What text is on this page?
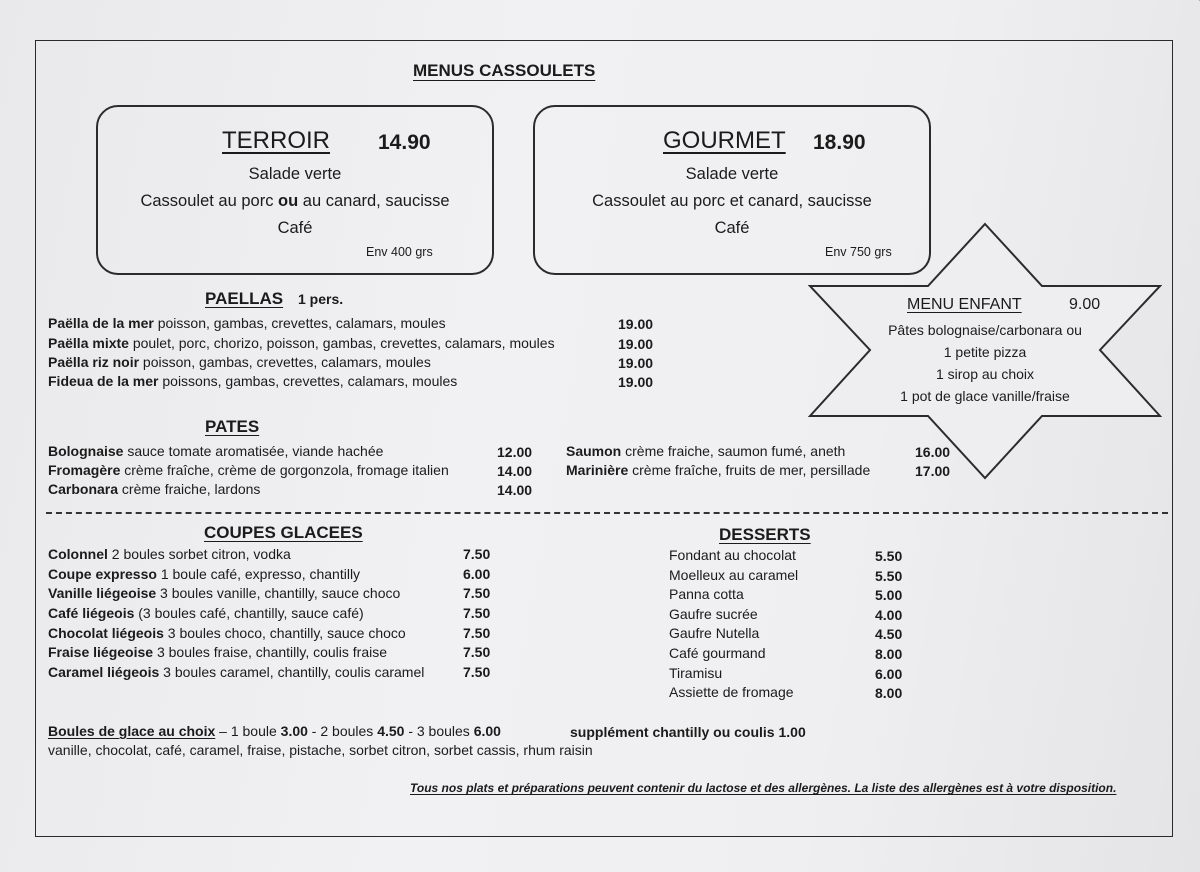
MENUS CASSOULETS
TERROIR 14.90
Salade verte
Cassoulet au porc ou au canard, saucisse
Café
Env 400 grs
GOURMET 18.90
Salade verte
Cassoulet au porc et canard, saucisse
Café
Env 750 grs
PAELLAS 1 pers.
Paëlla de la mer poisson, gambas, crevettes, calamars, moules	19.00
Paëlla mixte poulet, porc, chorizo, poisson, gambas, crevettes, calamars, moules	19.00
Paëlla riz noir poisson, gambas, crevettes, calamars, moules	19.00
Fideua de la mer poissons, gambas, crevettes, calamars, moules	19.00
MENU ENFANT	9.00
Pâtes bolognaise/carbonara ou
1 petite pizza
1 sirop au choix
1 pot de glace vanille/fraise
PATES
Bolognaise sauce tomate aromatisée, viande hachée	12.00
Fromagère crème fraîche, crème de gorgonzola, fromage italien	14.00
Carbonara crème fraiche, lardons	14.00
Saumon crème fraiche, saumon fumé, aneth	16.00
Marinière crème fraîche, fruits de mer, persillade	17.00
COUPES GLACEES
Colonnel 2 boules sorbet citron, vodka	7.50
Coupe expresso 1 boule café, expresso, chantilly	6.00
Vanille liégeoise 3 boules vanille, chantilly, sauce choco	7.50
Café liégeois (3 boules café, chantilly, sauce café)	7.50
Chocolat liégeois 3 boules choco, chantilly, sauce choco	7.50
Fraise liégeoise 3 boules fraise, chantilly, coulis fraise	7.50
Caramel liégeois 3 boules caramel, chantilly, coulis caramel	7.50
DESSERTS
Fondant au chocolat	5.50
Moelleux au caramel	5.50
Panna cotta	5.00
Gaufre sucrée	4.00
Gaufre Nutella	4.50
Café gourmand	8.00
Tiramisu	6.00
Assiette de fromage	8.00
Boules de glace au choix – 1 boule 3.00 - 2 boules 4.50 - 3 boules 6.00	supplément chantilly ou coulis 1.00
vanille, chocolat, café, caramel, fraise, pistache, sorbet citron, sorbet cassis, rhum raisin
Tous nos plats et préparations peuvent contenir du lactose et des allergènes. La liste des allergènes est à votre disposition.
